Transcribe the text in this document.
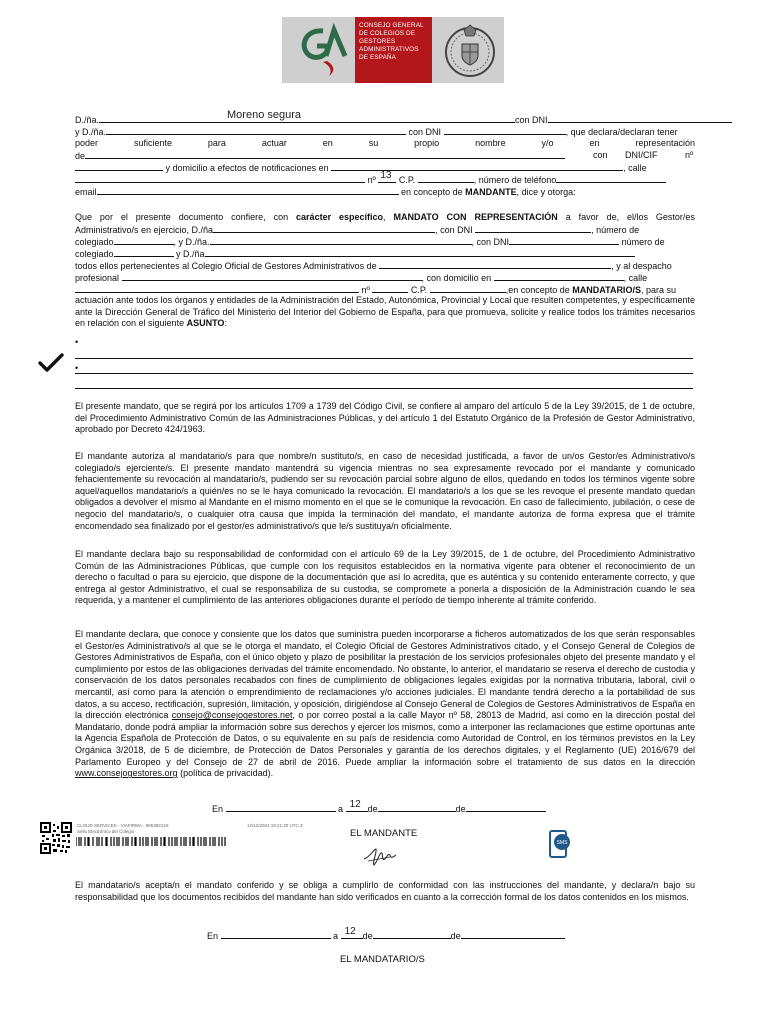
CONSEJO GENERAL
DE COLEGIOS DE
GESTORES
ADMINISTRATIVOS
DE ESPAÑA
D./ña.	Moreno segura	con DNI
y D./ña.	con DNI	, que declara/declaran tener
poder	suficiente	para	actuar	en	su	propio	nombre	y/o	en	representación
de	con DNI/CIF	nº
y domicilio a efectos de notificaciones en	, calle
nº 13 C.P.	, número de teléfono
email	en concepto de MANDANTE, dice y otorga:
Que por el presente documento confiere, con carácter específico, MANDATO CON REPRESENTACIÓN a favor de, el/los Gestor/es
Administrativo/s en ejercicio, D./ña	, con DNI	, número de
colegiado	, y D./ña.	, con DNI	número de
colegiado	y D./ña
todos ellos pertenecientes al Colegio Oficial de Gestores Administrativos de	, y al despacho
profesional	, con domicilio en	, calle
nº	C.P.	,en concepto de MANDATARIO/S, para su
actuación ante todos los órganos y entidades de la Administración del Estado, Autonómica, Provincial y Local que resulten competentes, y específicamente ante la Dirección General de Tráfico del Ministerio del Interior del Gobierno de España, para que promueva, solicite y realice todos los trámites necesarios en relación con el siguiente ASUNTO:
•
•
El presente mandato, que se regirá por los artículos 1709 a 1739 del Código Civil, se confiere al amparo del artículo 5 de la Ley 39/2015, de 1 de octubre, del Procedimiento Administrativo Común de las Administraciones Públicas, y del artículo 1 del Estatuto Orgánico de la Profesión de Gestor Administrativo, aprobado por Decreto 424/1963.
El mandante autoriza al mandatario/s para que nombre/n sustituto/s, en caso de necesidad justificada, a favor de un/os Gestor/es Administrativo/s colegiado/s ejerciente/s. El presente mandato mantendrá su vigencia mientras no sea expresamente revocado por el mandante y comunicado fehacientemente su revocación al mandatario/s, pudiendo ser su revocación parcial sobre alguno de ellos, quedando en todos los términos vigente sobre aquel/aquellos mandatario/s a quién/es no se le haya comunicado la revocación. El mandatario/s a los que se les revoque el presente mandato quedan obligados a devolver el mismo al Mandante en el mismo momento en el que se le comunique la revocación. En caso de fallecimiento, jubilación, o cese de negocio del mandatario/s, o cualquier otra causa que impida la terminación del mandato, el mandante autoriza de forma expresa que el trámite encomendado sea finalizado por el gestor/es administrativo/s que le/s sustituya/n oficialmente.
El mandante declara bajo su responsabilidad de conformidad con el artículo 69 de la Ley 39/2015, de 1 de octubre, del Procedimiento Administrativo Común de las Administraciones Públicas, que cumple con los requisitos establecidos en la normativa vigente para obtener el reconocimiento de un derecho o facultad o para su ejercicio, que dispone de la documentación que así lo acredita, que es auténtica y su contenido enteramente correcto, y que entrega al gestor Administrativo, el cual se responsabiliza de su custodia, se compromete a ponerla a disposición de la Administración cuando le sea requerida, y a mantener el cumplimiento de las anteriores obligaciones durante el período de tiempo inherente al trámite conferido.
El mandante declara, que conoce y consiente que los datos que suministra pueden incorporarse a ficheros automatizados de los que serán responsables el Gestor/es Administrativo/s al que se le otorga el mandato, el Colegio Oficial de Gestores Administrativos citado, y el Consejo General de Colegios de Gestores Administrativos de España, con el único objeto y plazo de posibilitar la prestación de los servicios profesionales objeto del presente mandato y el cumplimiento por estos de las obligaciones derivadas del trámite encomendado. No obstante, lo anterior, el mandatario se reserva el derecho de custodia y conservación de los datos personales recabados con fines de cumplimiento de obligaciones legales exigidas por la normativa tributaria, laboral, civil o mercantil, así como para la atención o emprendimiento de reclamaciones y/o acciones judiciales. El mandante tendrá derecho a la portabilidad de sus datos, a su acceso, rectificación, supresión, limitación, y oposición, dirigiéndose al Consejo General de Colegios de Gestores Administrativos de España en la dirección electrónica consejo@consejogestores.net, o por correo postal a la calle Mayor nº 58, 28013 de Madrid, así como en la dirección postal del Mandatario, donde podrá ampliar la información sobre sus derechos y ejercer los mismos, como a interponer las reclamaciones que estime oportunas ante la Agencia Española de Protección de Datos, o su equivalente en su país de residencia como Autoridad de Control, en los términos previstos en la Ley Orgánica 3/2018, de 5 de diciembre, de Protección de Datos Personales y garantía de los derechos digitales, y el Reglamento (UE) 2016/679 del Parlamento Europeo y del Consejo de 27 de abril de 2016. Puede ampliar la información sobre el tratamiento de sus datos en la dirección www.consejogestores.org (política de privacidad).
En	a 12 de	de
EL MANDANTE
SMS
CLOUD SERVICES - VIAFIRMA - 99539212X
Sello Electrónico del Colegio
12/12/2024 19:21:30 UTC Z
El mandatario/s acepta/n el mandato conferido y se obliga a cumplirlo de conformidad con las instrucciones del mandante, y declara/n bajo su responsabilidad que los documentos recibidos del mandante han sido verificados en cuanto a la corrección formal de los datos contenidos en los mismos.
En	a 12 de	de
EL MANDATARIO/S
